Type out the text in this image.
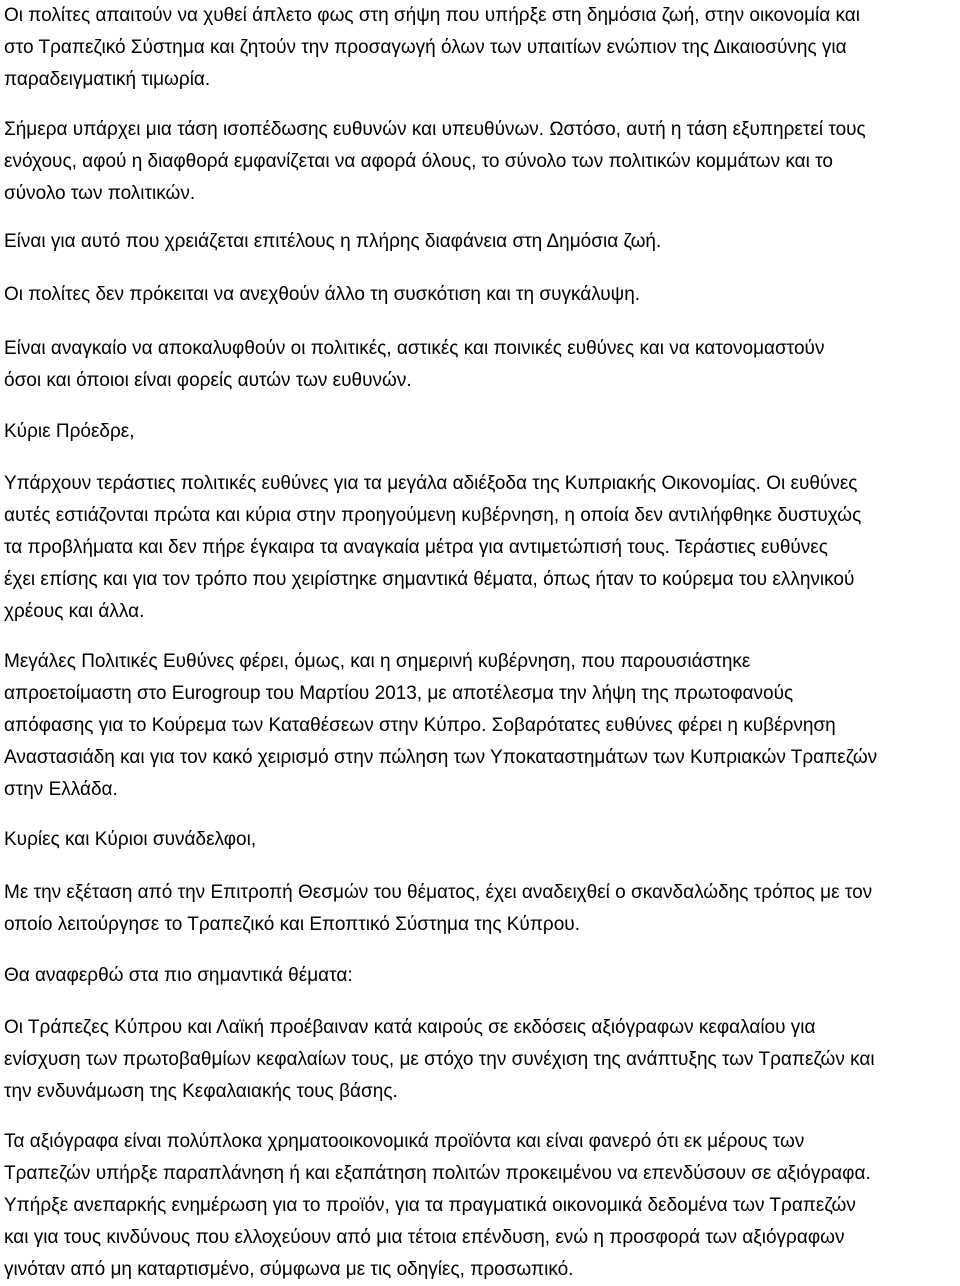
Οι πολίτες απαιτούν να χυθεί άπλετο φως στη σήψη που υπήρξε στη δημόσια ζωή, στην οικονομία και
στο Τραπεζικό Σύστημα και ζητούν την προσαγωγή όλων των υπαιτίων ενώπιον της Δικαιοσύνης για
παραδειγματική τιμωρία.
Σήμερα υπάρχει μια τάση ισοπέδωσης ευθυνών και υπευθύνων. Ωστόσο, αυτή η τάση εξυπηρετεί τους
ενόχους, αφού η διαφθορά εμφανίζεται να αφορά όλους, το σύνολο των πολιτικών κομμάτων και το
σύνολο των πολιτικών.
Είναι για αυτό που χρειάζεται επιτέλους η πλήρης διαφάνεια στη Δημόσια ζωή.
Οι πολίτες δεν πρόκειται να ανεχθούν άλλο τη συσκότιση και τη συγκάλυψη.
Είναι αναγκαίο να αποκαλυφθούν οι πολιτικές, αστικές και ποινικές ευθύνες και να κατονομαστούν
όσοι και όποιοι είναι φορείς αυτών των ευθυνών.
Κύριε Πρόεδρε,
Υπάρχουν τεράστιες πολιτικές ευθύνες για τα μεγάλα αδιέξοδα της Κυπριακής Οικονομίας. Οι ευθύνες
αυτές εστιάζονται πρώτα και κύρια στην προηγούμενη κυβέρνηση, η οποία δεν αντιλήφθηκε δυστυχώς
τα προβλήματα και δεν πήρε έγκαιρα τα αναγκαία μέτρα για αντιμετώπισή τους. Τεράστιες ευθύνες
έχει επίσης και για τον τρόπο που χειρίστηκε σημαντικά θέματα, όπως ήταν το κούρεμα του ελληνικού
χρέους και άλλα.
Μεγάλες Πολιτικές Ευθύνες φέρει, όμως, και η σημερινή κυβέρνηση, που παρουσιάστηκε
απροετοίμαστη στο Eurogroup του Μαρτίου 2013, με αποτέλεσμα την λήψη της πρωτοφανούς
απόφασης για το Κούρεμα των Καταθέσεων στην Κύπρο. Σοβαρότατες ευθύνες φέρει η κυβέρνηση
Αναστασιάδη και για τον κακό χειρισμό στην πώληση των Υποκαταστημάτων των Κυπριακών Τραπεζών
στην Ελλάδα.
Κυρίες και Κύριοι συνάδελφοι,
Με την εξέταση από την Επιτροπή Θεσμών του θέματος, έχει αναδειχθεί ο σκανδαλώδης τρόπος με τον
οποίο λειτούργησε το Τραπεζικό και Εποπτικό Σύστημα της Κύπρου.
Θα αναφερθώ στα πιο σημαντικά θέματα:
Οι Τράπεζες Κύπρου και Λαϊκή προέβαιναν κατά καιρούς σε εκδόσεις αξιόγραφων κεφαλαίου για
ενίσχυση των πρωτοβαθμίων κεφαλαίων τους, με στόχο την συνέχιση της ανάπτυξης των Τραπεζών και
την ενδυνάμωση της Κεφαλαιακής τους βάσης.
Τα αξιόγραφα είναι πολύπλοκα χρηματοοικονομικά προϊόντα και είναι φανερό ότι εκ μέρους των
Τραπεζών υπήρξε παραπλάνηση ή και εξαπάτηση πολιτών προκειμένου να επενδύσουν σε αξιόγραφα.
Υπήρξε ανεπαρκής ενημέρωση για το προϊόν, για τα πραγματικά οικονομικά δεδομένα των Τραπεζών
και για τους κινδύνους που ελλοχεύουν από μια τέτοια επένδυση, ενώ η προσφορά των αξιόγραφων
γινόταν από μη καταρτισμένο, σύμφωνα με τις οδηγίες, προσωπικό.
